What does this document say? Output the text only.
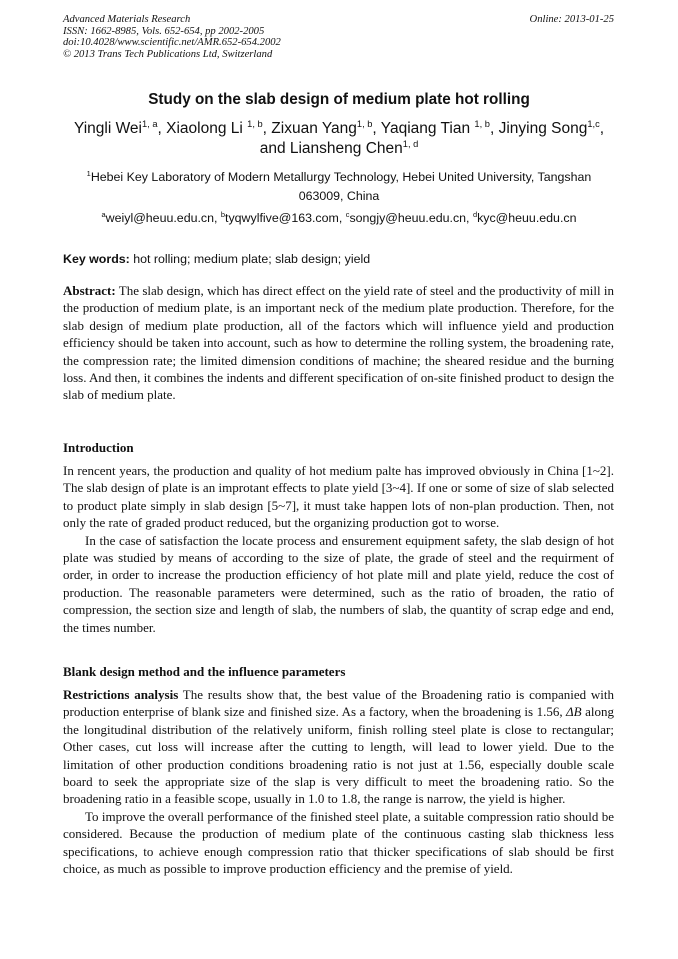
Advanced Materials Research
ISSN: 1662-8985, Vols. 652-654, pp 2002-2005
doi:10.4028/www.scientific.net/AMR.652-654.2002
© 2013 Trans Tech Publications Ltd, Switzerland
Online: 2013-01-25
Study on the slab design of medium plate hot rolling
Yingli Wei$^{1, a}$, Xiaolong Li $^{1, b}$, Zixuan Yang$^{1, b}$, Yaqiang Tian $^{1, b}$, Jinying Song$^{1,c}$,
and Liansheng Chen$^{1, d}$
$^1$Hebei Key Laboratory of Modern Metallurgy Technology, Hebei United University, Tangshan
063009, China
$^a$weiyl@heuu.edu.cn, $^b$tyqwylfive@163.com, $^c$songjy@heuu.edu.cn, $^d$kyc@heuu.edu.cn
Key words: hot rolling; medium plate; slab design; yield
Abstract: The slab design, which has direct effect on the yield rate of steel and the productivity of mill in the production of medium plate, is an important neck of the medium plate production. Therefore, for the slab design of medium plate production, all of the factors which will influence yield and production efficiency should be taken into account, such as how to determine the rolling system, the broadening rate, the compression rate; the limited dimension conditions of machine; the sheared residue and the burning loss. And then, it combines the indents and different specification of on-site finished product to design the slab of medium plate.
Introduction

In rencent years, the production and quality of hot medium palte has improved obviously in China [1~2]. The slab design of plate is an improtant effects to plate yield [3~4]. If one or some of size of slab selected to product plate simply in slab design [5~7], it must take happen lots of non-plan production. Then, not only the rate of graded product reduced, but the organizing production got to worse.

In the case of satisfaction the locate process and ensurement equipment safety, the slab design of hot plate was studied by means of according to the size of plate, the grade of steel and the requirment of order, in order to increase the production efficiency of hot plate mill and plate yield, reduce the cost of production. The reasonable parameters were determined, such as the ratio of broaden, the ratio of compression, the section size and length of slab, the numbers of slab, the quantity of scrap edge and end, the times number.

Blank design method and the influence parameters

Restrictions analysis The results show that, the best value of the Broadening ratio is companied with production enterprise of blank size and finished size. As a factory, when the broadening is 1.56, ΔB along the longitudinal distribution of the relatively uniform, finish rolling steel plate is close to rectangular; Other cases, cut loss will increase after the cutting to length, will lead to lower yield. Due to the limitation of other production conditions broadening ratio is not just at 1.56, especially double scale board to seek the appropriate size of the slap is very difficult to meet the broadening ratio. So the broadening ratio in a feasible scope, usually in 1.0 to 1.8, the range is narrow, the yield is higher.

To improve the overall performance of the finished steel plate, a suitable compression ratio should be considered. Because the production of medium plate of the continuous casting slab thickness less specifications, to achieve enough compression ratio that thicker specifications of slab should be first choice, as much as possible to improve production efficiency and the premise of yield.
